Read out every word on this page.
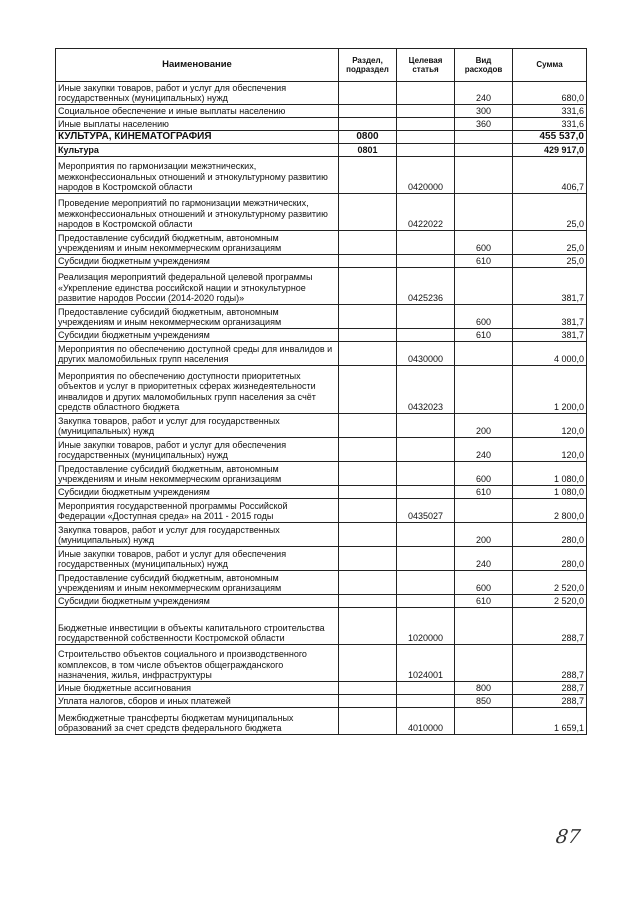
Наименование	Раздел, подраздел	Целевая статья	Вид расходов	Сумма
Иные закупки товаров, работ и услуг для обеспечения государственных (муниципальных) нужд			240	680,0
Социальное обеспечение и иные выплаты населению			300	331,6
Иные выплаты населению			360	331,6
КУЛЬТУРА, КИНЕМАТОГРАФИЯ	0800			455 537,0
Культура	0801			429 917,0
Мероприятия по гармонизации межэтнических, межконфессиональных отношений и этнокультурному развитию народов в Костромской области		0420000		406,7
Проведение мероприятий по гармонизации межэтнических, межконфессиональных отношений и этнокультурному развитию народов в Костромской области		0422022		25,0
Предоставление субсидий бюджетным, автономным учреждениям и иным некоммерческим организациям			600	25,0
Субсидии бюджетным учреждениям			610	25,0
Реализация мероприятий федеральной целевой программы «Укрепление единства российской нации и этнокультурное развитие народов России (2014-2020 годы)»		0425236		381,7
Предоставление субсидий бюджетным, автономным учреждениям и иным некоммерческим организациям			600	381,7
Субсидии бюджетным учреждениям			610	381,7
Мероприятия по обеспечению доступной среды для инвалидов и других маломобильных групп населения		0430000		4 000,0
Мероприятия по обеспечению доступности приоритетных объектов и услуг в приоритетных сферах жизнедеятельности инвалидов и других маломобильных групп населения за счёт средств областного бюджета		0432023		1 200,0
Закупка товаров, работ и услуг для государственных (муниципальных) нужд			200	120,0
Иные закупки товаров, работ и услуг для обеспечения государственных (муниципальных) нужд			240	120,0
Предоставление субсидий бюджетным, автономным учреждениям и иным некоммерческим организациям			600	1 080,0
Субсидии бюджетным учреждениям			610	1 080,0
Мероприятия государственной программы Российской Федерации «Доступная среда» на 2011 - 2015 годы		0435027		2 800,0
Закупка товаров, работ и услуг для государственных (муниципальных) нужд			200	280,0
Иные закупки товаров, работ и услуг для обеспечения государственных (муниципальных) нужд			240	280,0
Предоставление субсидий бюджетным, автономным учреждениям и иным некоммерческим организациям			600	2 520,0
Субсидии бюджетным учреждениям			610	2 520,0
Бюджетные инвестиции в объекты капитального строительства государственной собственности Костромской области		1020000		288,7
Строительство объектов социального и производственного комплексов, в том числе объектов общегражданского назначения, жилья, инфраструктуры		1024001		288,7
Иные бюджетные ассигнования			800	288,7
Уплата налогов, сборов и иных платежей			850	288,7
Межбюджетные трансферты бюджетам муниципальных образований за счет средств федерального бюджета		4010000		1 659,1
87
